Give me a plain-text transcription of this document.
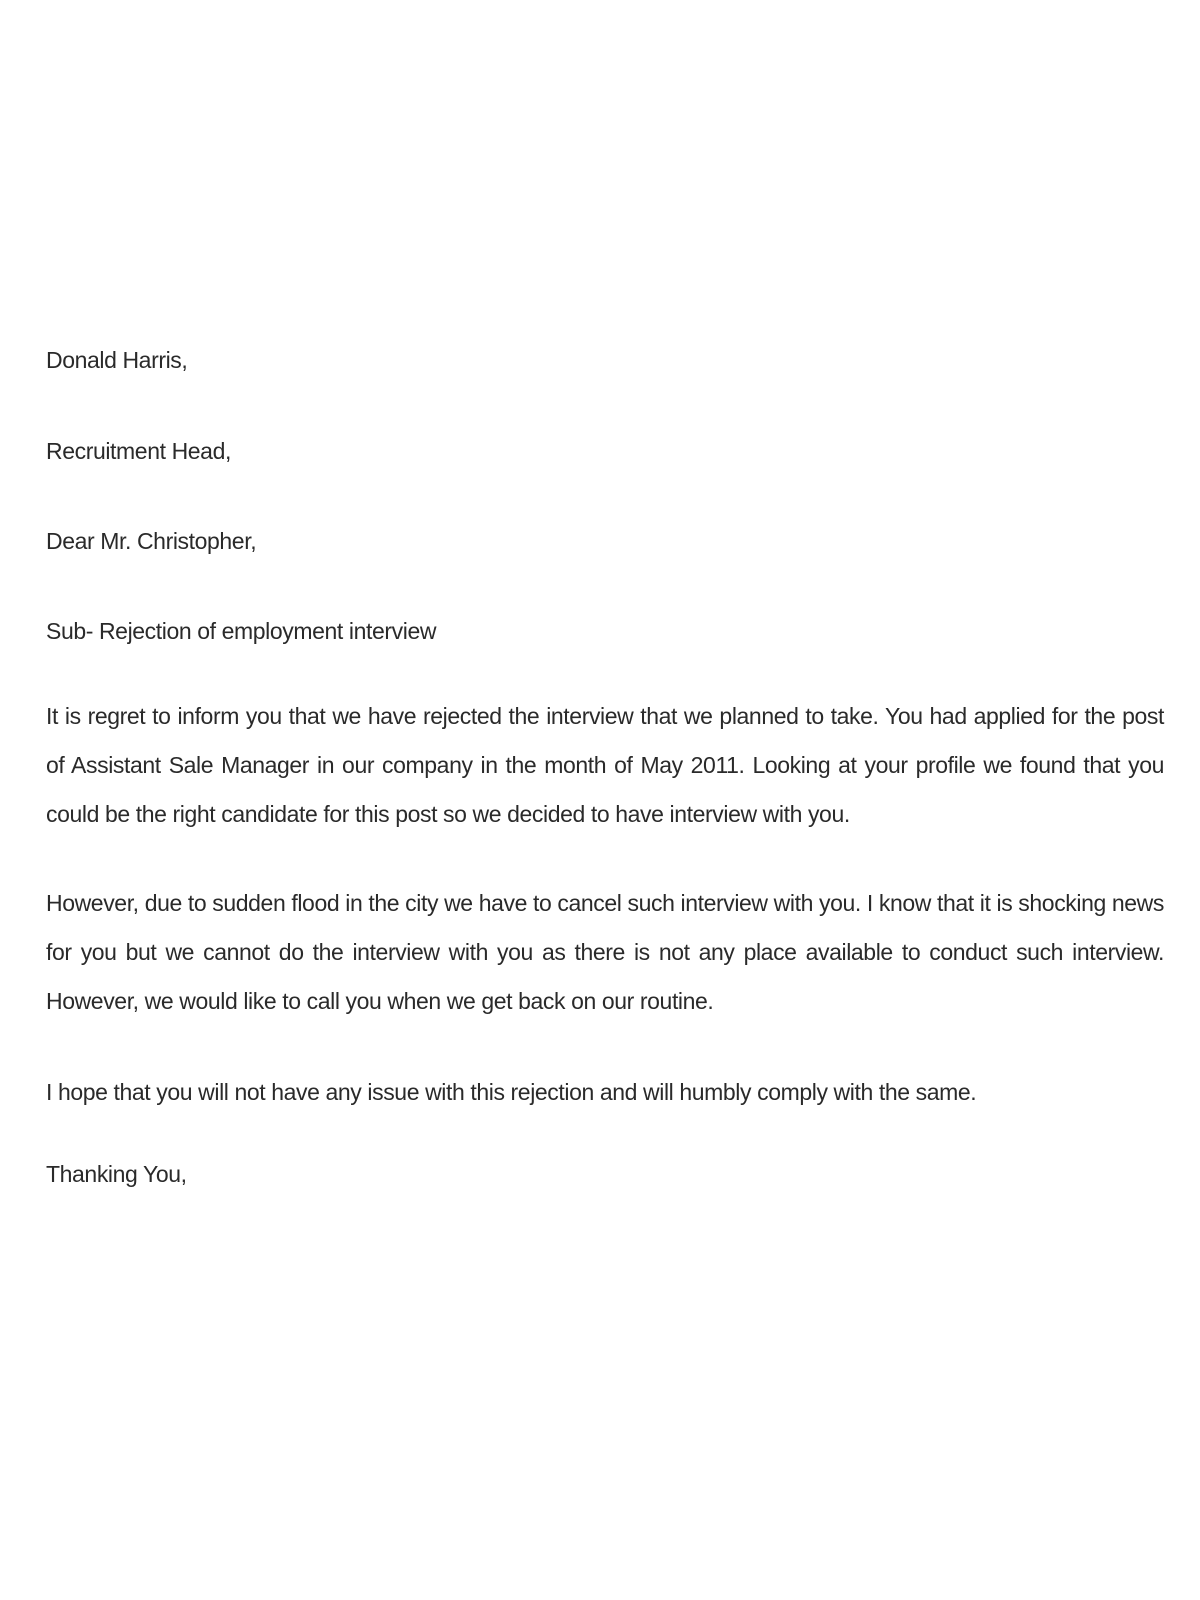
Donald Harris,

Recruitment Head,

Dear Mr. Christopher,

Sub- Rejection of employment interview

It is regret to inform you that we have rejected the interview that we planned to take. You had applied for the post of Assistant Sale Manager in our company in the month of May 2011. Looking at your profile we found that you could be the right candidate for this post so we decided to have interview with you.

However, due to sudden flood in the city we have to cancel such interview with you. I know that it is shocking news for you but we cannot do the interview with you as there is not any place available to conduct such interview. However, we would like to call you when we get back on our routine.

I hope that you will not have any issue with this rejection and will humbly comply with the same.

Thanking You,
